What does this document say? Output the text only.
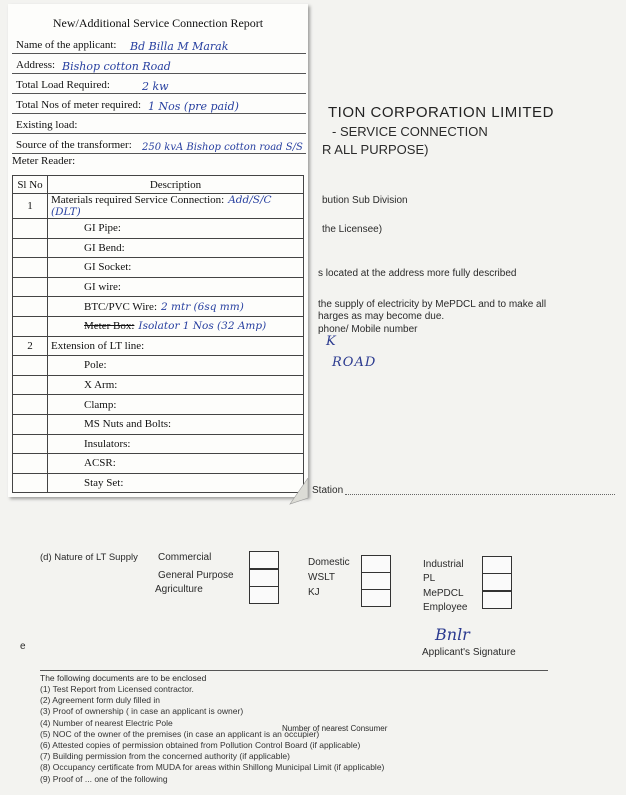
TION CORPORATION LIMITED
- SERVICE CONNECTION
R ALL PURPOSE)
bution Sub Division
the Licensee)
s located at the address more fully described
the supply of electricity by MePDCL and to make all
harges as may become due.
phone/ Mobile number
K
ROAD
Station
(d) Nature of LT Supply
General Purpose
Commercial
Agriculture
Domestic
WSLT
KJ
Industrial
PL
MePDCL
Employee
e
Bnlr
Applicant's Signature
The following documents are to be enclosed
Number of nearest Consumer
(1) Test Report from Licensed contractor.
(2) Agreement form duly filled in
(3) Proof of ownership ( in case an applicant is owner)
(4) Number of nearest Electric Pole
(5) NOC of the owner of the premises (in case an applicant is an occupier)
(6) Attested copies of permission obtained from Pollution Control Board (if applicable)
(7) Building permission from the concerned authority (if applicable)
(8) Occupancy certificate from MUDA for areas within Shillong Municipal Limit (if applicable)
(9) Proof of ... one of the following
New/Additional Service Connection Report
Name of the applicant: Bd Billa M Marak
Address: Bishop cotton Road
Total Load Required:	2 kw
Total Nos of meter required: 1 Nos (pre paid)
Existing load:
Source of the transformer: 250 kvA Bishop cotton road S/S
Meter Reader:
Sl No	Description
1	Materials required Service Connection: Add/S/C (DLT)
	GI Pipe:
	GI Bend:
	GI Socket:
	GI wire:
	BTC/PVC Wire: 2 mtr (6sq mm)
	Meter Box: Isolator 1 Nos (32 Amp)
2	Extension of LT line:
	Pole:
	X Arm:
	Clamp:
	MS Nuts and Bolts:
	Insulators:
	ACSR:
	Stay Set:
